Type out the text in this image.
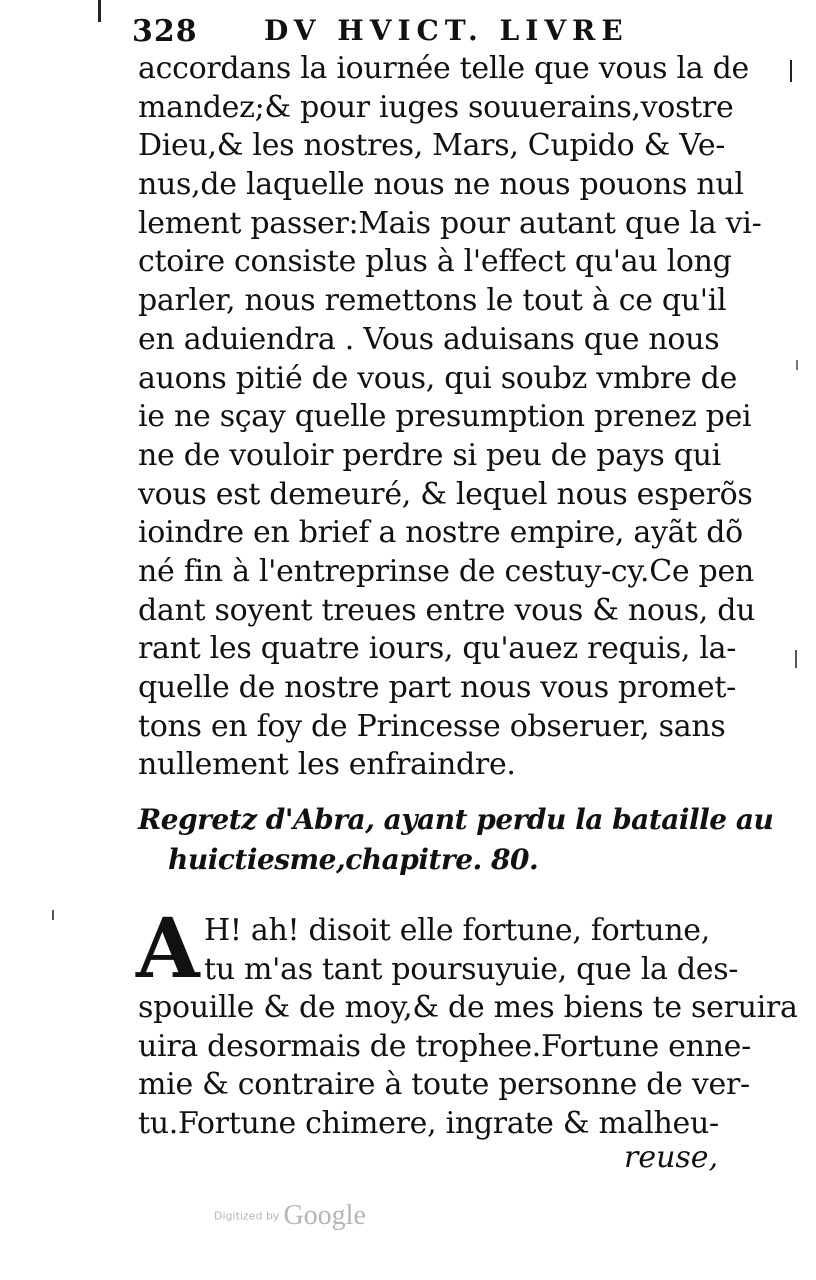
328 DV HVICT. LIVRE
accordans la iournée telle que vous la de
mandez;& pour iuges souuerains,vostre
Dieu,& les nostres, Mars, Cupido & Ve-
nus,de laquelle nous ne nous pouons nul
lement passer:Mais pour autant que la vi-
ctoire consiste plus à l'effect qu'au long
parler, nous remettons le tout à ce qu'il
en aduiendra . Vous aduisans que nous
auons pitié de vous, qui soubz vmbre de
ie ne sçay quelle presumption prenez pei
ne de vouloir perdre si peu de pays qui
vous est demeuré, & lequel nous esperõs
ioindre en brief a nostre empire, ayãt dõ
né fin à l'entreprinse de cestuy-cy.Ce pen
dant soyent treues entre vous & nous, du
rant les quatre iours, qu'auez requis, la-
quelle de nostre part nous vous promet-
tons en foy de Princesse obseruer, sans
nullement les enfraindre.
Regretz d'Abra, ayant perdu la bataille au
huictiesme,chapitre. 80.
A H! ah! disoit elle fortune, fortune,
tu m'as tant poursuyuie, que la des-
spouille & de moy,& de mes biens te seruira
uira desormais de trophee.Fortune enne-
mie & contraire à toute personne de ver-
tu.Fortune chimere, ingrate & malheu-
reuse,
Digitized by Google
